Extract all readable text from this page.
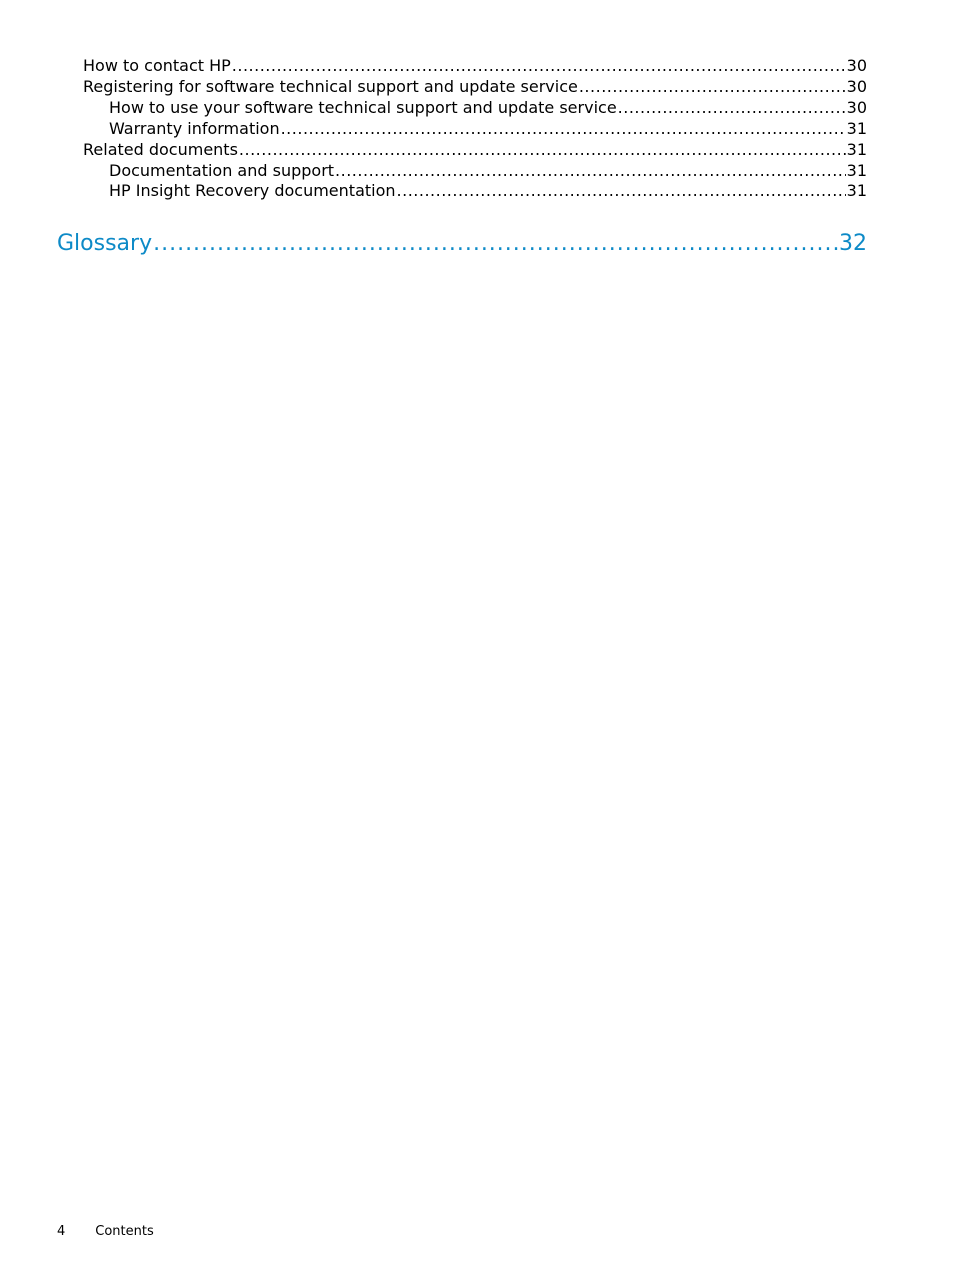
How to contact HP .....	30
Registering for software technical support and update service .....	30
How to use your software technical support and update service .....	30
Warranty information .....	31
Related documents .....	31
Documentation and support .....	31
HP Insight Recovery documentation .....	31
Glossary .....	32
4 Contents
